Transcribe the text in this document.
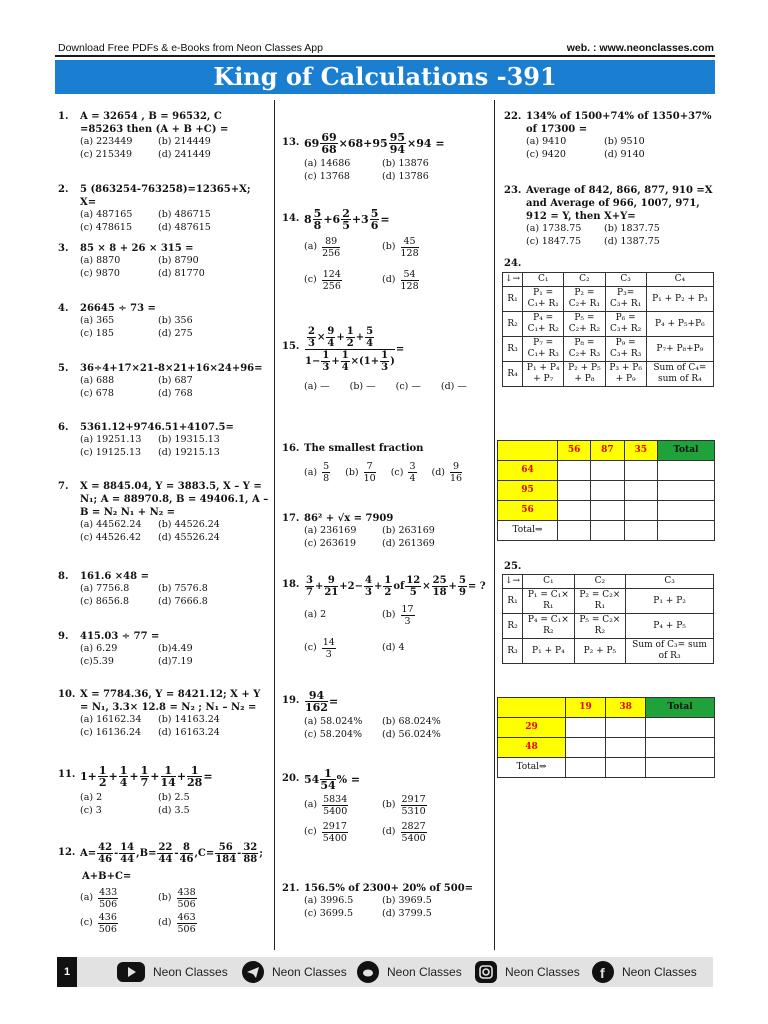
Download Free PDFs & e-Books from Neon Classes App	web. : www.neonclasses.com
King of Calculations -391
1. A = 32654 , B = 96532, C =85263 then (A + B +C) =
(a) 223449	(b) 214449
(c) 215349	(d) 241449
2. 5 (863254-763258)=12365+X; X=
(a) 487165	(b) 486715
(c) 478615	(d) 487615
3. 85 × 8 + 26 × 315 =
(a) 8870	(b) 8790
(c) 9870	(d) 81770
4. 26645 ÷ 73 =
(a) 365	(b) 356
(c) 185	(d) 275
5. 36÷4+17×21-8×21+16×24+96=
(a) 688	(b) 687
(c) 678	(d) 768
6. 5361.12+9746.51+4107.5=
(a) 19251.13	(b) 19315.13
(c) 19125.13	(d) 19215.13
7. X = 8845.04, Y = 3883.5, X – Y = N₁; A = 88970.8, B = 49406.1, A – B = N₂ N₁ + N₂ =
(a) 44562.24	(b) 44526.24
(c) 44526.42	(d) 45526.24
8. 161.6 ×48 =
(a) 7756.8	(b) 7576.8
(c) 8656.8	(d) 7666.8
9. 415.03 ÷ 77 =
(a) 6.29	(b)4.49
(c)5.39	(d)7.19
10. X = 7784.36, Y = 8421.12; X + Y = N₁, 3.3× 12.8 = N₂ ; N₁ – N₂ =
(a) 16162.34	(b) 14163.24
(c) 16136.24	(d) 16163.24
11. $1+ \frac{1}{2} + \frac{1}{4} + \frac{1}{7} + \frac{1}{14} + \frac{1}{28}$ =
(a) 2	(b) 2.5
(c) 3	(d) 3.5
12. $A= \frac{42}{46} - \frac{14}{44} ,B= \frac{22}{44} - \frac{8}{46} ,C= \frac{56}{184} - \frac{32}{88}$ ;
A+B+C=
$(a) \frac{433}{506}$	$(b) \frac{438}{506}$
$(c) \frac{436}{506}$	$(d) \frac{463}{506}$
13. $69 \frac{69}{68} \times 68+95 \frac{95}{94} \times 94$ =
(a) 14686	(b) 13876
(c) 13768	(d) 13786
14. $8 \frac{5}{8} +6 \frac{2}{5} +3 \frac{5}{6}$ =
$(a) \frac{89}{256}$	$(b) \frac{45}{128}$
$(c) \frac{124}{256}$	$(d) \frac{54}{128}$
15. $\frac{\frac{2}{3} \times \frac{9}{4} + \frac{1}{2} + \frac{5}{4}}{1- \frac{1}{3} + \frac{1}{4} \times(1+ \frac{1}{3} )}$ =
(a) — (b) — (c) — (d) —
16. The smallest fraction
$(a) \frac{5}{8} (b) \frac{7}{10} (c) \frac{3}{4} (d) \frac{9}{16}$
17. 86² + √x = 7909
(a) 236169	(b) 263169
(c) 263619	(d) 261369
18. $\frac{3}{7} + \frac{9}{21} +2- \frac{4}{3} + \frac{1}{2}$ of $\frac{12}{5} \times \frac{25}{18} + \frac{5}{9}$ = ?
(a) 2	$(b) \frac{17}{3}$
$(c) \frac{14}{3}$	(d) 4
19. $\frac{94}{162}$ =
(a) 58.024%	(b) 68.024%
(c) 58.204%	(d) 56.024%
20. $54 \frac{1}{54}$ % =
$(a) \frac{5834}{5400}$	$(b) \frac{2917}{5310}$
$(c) \frac{2917}{5400}$	$(d) \frac{2827}{5400}$
21. 156.5% of 2300+ 20% of 500=
(a) 3996.5	(b) 3969.5
(c) 3699.5	(d) 3799.5
22. 134% of 1500+74% of 1350+37% of 17300 =
(a) 9410	(b) 9510
(c) 9420	(d) 9140
23. Average of 842, 866, 877, 910 =X and Average of 966, 1007, 971, 912 = Y, then X+Y=
(a) 1738.75	(b) 1837.75
(c) 1847.75	(d) 1387.75
24.
↓→	C₁	C₂	C₃	C₄
R₁	P₁ = C₁+ R₁	P₂ = C₂+ R₁	P₃= C₃+ R₁	P₁ + P₂ + P₃
R₂	P₄ = C₁+ R₂	P₅ = C₂+ R₂	P₆ = C₃+ R₂	P₄ + P₅+P₆
R₃	P₇ = C₁+ R₃	P₈ = C₂+ R₃	P₉ = C₃+ R₃	P₇+ P₈+P₉
R₄	P₁ + P₄ + P₇	P₂ + P₅ + P₈	P₃ + P₆ + P₉	Sum of C₄= sum of R₄
	56	87	35	Total
64				
95				
56				
Total⇒				
25.
↓→	C₁	C₂	C₃
R₁	P₁ = C₁× R₁	P₂ = C₂× R₁	P₁ + P₂
R₂	P₄ = C₁× R₂	P₅ = C₂× R₂	P₄ + P₅
R₃	P₁ + P₄	P₂ + P₅	Sum of C₃= sum of R₃
	19	38	Total
29			
48			
Total⇒			
1	Neon Classes	Neon Classes	Neon Classes	Neon Classes f Neon Classes
